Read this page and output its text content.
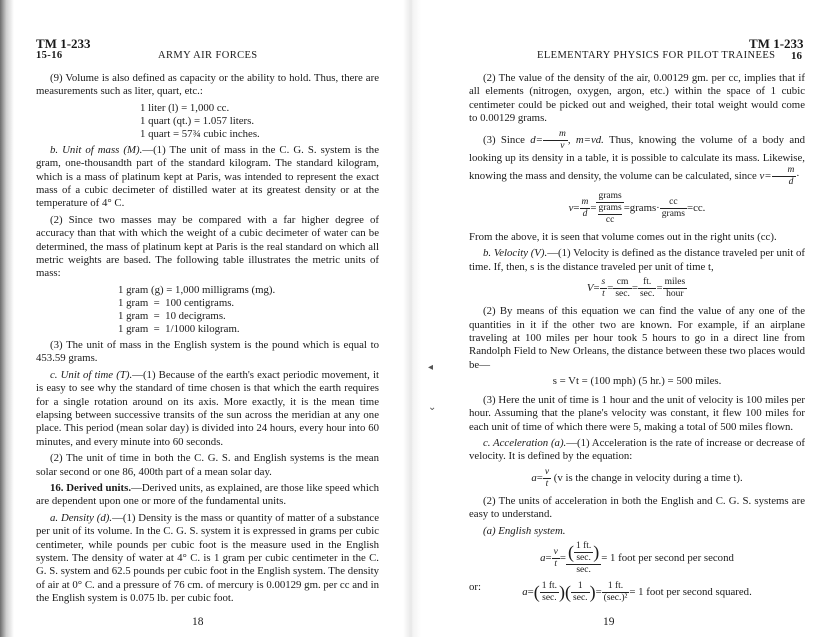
TM 1-233
15-16	ARMY AIR FORCES

(9) Volume is also defined as capacity or the ability to hold. Thus, there are measurements such as liter, quart, etc.:

1 liter (l) = 1,000 cc.
1 quart (qt.) = 1.057 liters.
1 quart = 57¾ cubic inches.

b. Unit of mass (M).—(1) The unit of mass in the C. G. S. system is the gram, one-thousandth part of the standard kilogram. The standard kilogram, which is a mass of platinum kept at Paris, was intended to represent the exact mass of a cubic decimeter of distilled water at its greatest density or at the temperature of 4° C.

(2) Since two masses may be compared with a far higher degree of accuracy than that with which the weight of a cubic decimeter of water can be determined, the mass of platinum kept at Paris is the real standard on which all metric weights are based. The following table illustrates the metric units of mass:

1 gram (g) = 1,000 milligrams (mg).
1 gram  =  100 centigrams.
1 gram  =  10 decigrams.
1 gram  =  1/1000 kilogram.

(3) The unit of mass in the English system is the pound which is equal to 453.59 grams.

c. Unit of time (T).—(1) Because of the earth's exact periodic movement, it is easy to see why the standard of time chosen is that which the earth requires for a single rotation around on its axis. More exactly, it is the mean time elapsing between successive transits of the sun across the meridian at any one place. This period (mean solar day) is divided into 24 hours, every hour into 60 minutes, and every minute into 60 seconds.

(2) The unit of time in both the C. G. S. and English systems is the mean solar second or one 86, 400th part of a mean solar day.

16. Derived units.—Derived units, as explained, are those like speed which are dependent upon one or more of the fundamental units.

a. Density (d).—(1) Density is the mass or quantity of matter of a substance per unit of its volume. In the C. G. S. system it is expressed in grams per cubic centimeter, while pounds per cubic foot is the measure used in the English system. The density of water at 4° C. is 1 gram per cubic centimeter in the C. G. S. system and 62.5 pounds per cubic foot in the English system. The density of air at 0° C. and a pressure of 76 cm. of mercury is 0.00129 gm. per cc and in the English system is 0.075 lb. per cubic foot.

18
◂
⌄
TM 1-233
ELEMENTARY PHYSICS FOR PILOT TRAINEES 16

(2) The value of the density of the air, 0.00129 gm. per cc, implies that if all elements (nitrogen, oxygen, argon, etc.) within the space of 1 cubic centimeter could be picked out and weighed, their total weight would come to 0.00129 grams.

(3) Since $d= \frac{m}{v}$ , m=vd. Thus, knowing the volume of a body and looking up its density in a table, it is possible to calculate its mass. Likewise, knowing the mass and density, the volume can be calculated, since $v= \frac{m}{d}$ ·

$v= \frac{m}{d}$ = grams
grams
cc =grams· $\frac{cc}{\text{grams}} =cc$.

From the above, it is seen that volume comes out in the right units (cc).

b. Velocity (V).—(1) Velocity is defined as the distance traveled per unit of time. If, then, s is the distance traveled per unit of time t,

$V= \frac{s}{t} = \frac{cm}{\sec.} = \frac{ft.}{\sec.} = \frac{\text{miles}}{\text{hour}}$

(2) By means of this equation we can find the value of any one of the quantities in it if the other two are known. For example, if an airplane traveling at 100 miles per hour took 5 hours to go in a direct line from Randolph Field to New Orleans, the distance between these two places would be—

s = Vt = (100 mph) (5 hr.) = 500 miles.

(3) Here the unit of time is 1 hour and the unit of velocity is 100 miles per hour. Assuming that the plane's velocity was constant, it flew 100 miles for each unit of time of which there were 5, making a total of 500 miles flown.

c. Acceleration (a).—(1) Acceleration is the rate of increase or decrease of velocity. It is defined by the equation:

$a= \frac{v}{t} (v$ is the change in velocity during a time t).

(2) The units of acceleration in both the English and C. G. S. systems are easy to understand.

(a) English system.

$a= \frac{v}{t} = \frac{( \frac{1 ft.}{\sec.} )}{\sec.} = 1$ foot per second per second
or:	$a=( \frac{1 ft.}{\sec.}$ )( $\frac{1}{\sec.}$ )= $\frac{1 ft.}{\text{(sec.)²}} = 1$ foot per second squared.
19
